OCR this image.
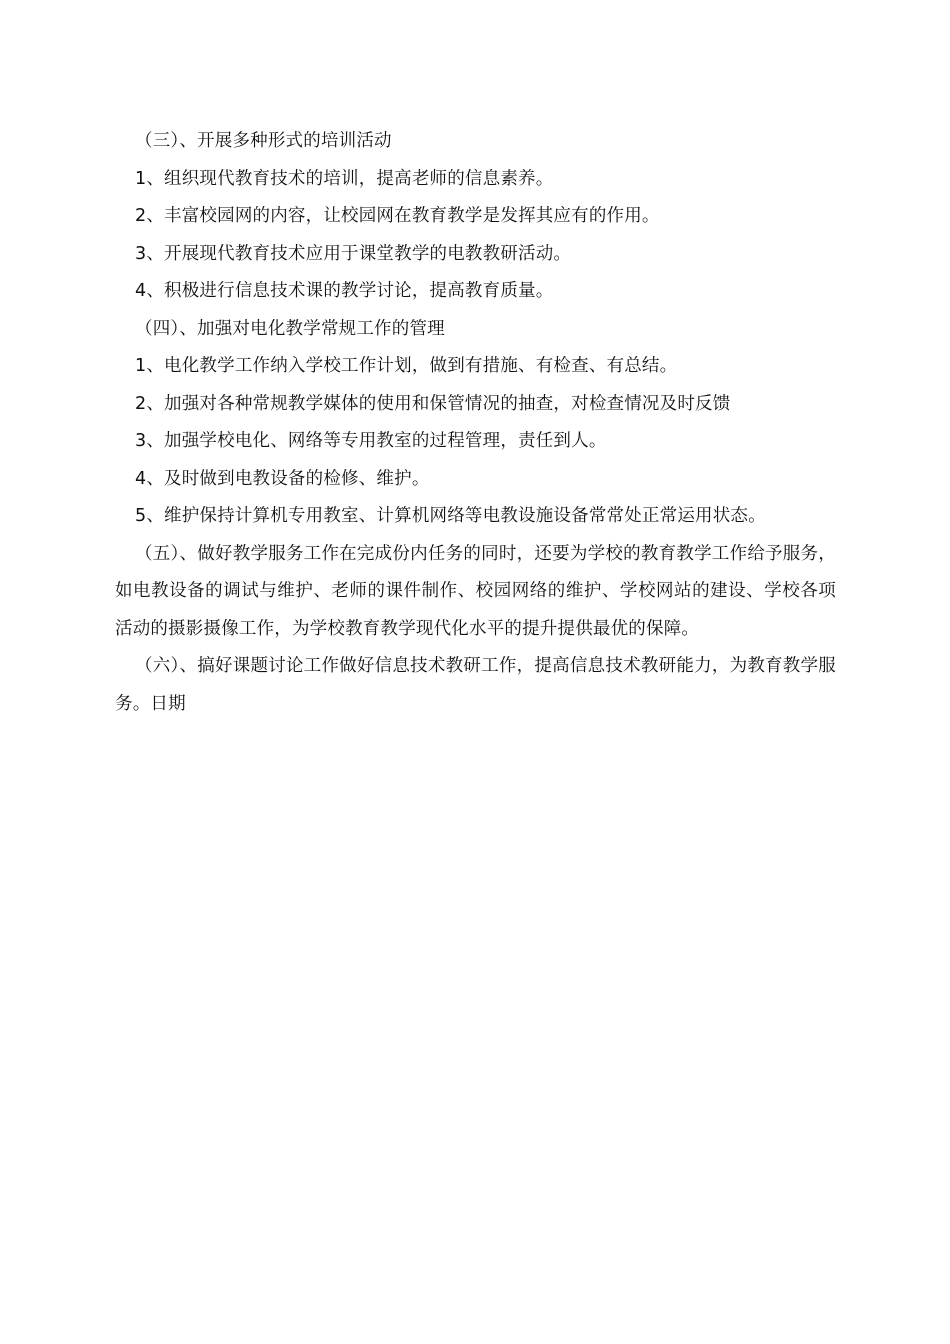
（三）、开展多种形式的培训活动
1、组织现代教育技术的培训，提高老师的信息素养。
2、丰富校园网的内容，让校园网在教育教学是发挥其应有的作用。
3、开展现代教育技术应用于课堂教学的电教教研活动。
4、积极进行信息技术课的教学讨论，提高教育质量。
（四）、加强对电化教学常规工作的管理
1、电化教学工作纳入学校工作计划，做到有措施、有检查、有总结。
2、加强对各种常规教学媒体的使用和保管情况的抽查，对检查情况及时反馈
3、加强学校电化、网络等专用教室的过程管理，责任到人。
4、及时做到电教设备的检修、维护。
5、维护保持计算机专用教室、计算机网络等电教设施设备常常处正常运用状态。

（五）、做好教学服务工作在完成份内任务的同时，还要为学校的教育教学工作给予服务，如电教设备的调试与维护、老师的课件制作、校园网络的维护、学校网站的建设、学校各项活动的摄影摄像工作，为学校教育教学现代化水平的提升提供最优的保障。

（六）、搞好课题讨论工作做好信息技术教研工作，提高信息技术教研能力，为教育教学服务。日期
